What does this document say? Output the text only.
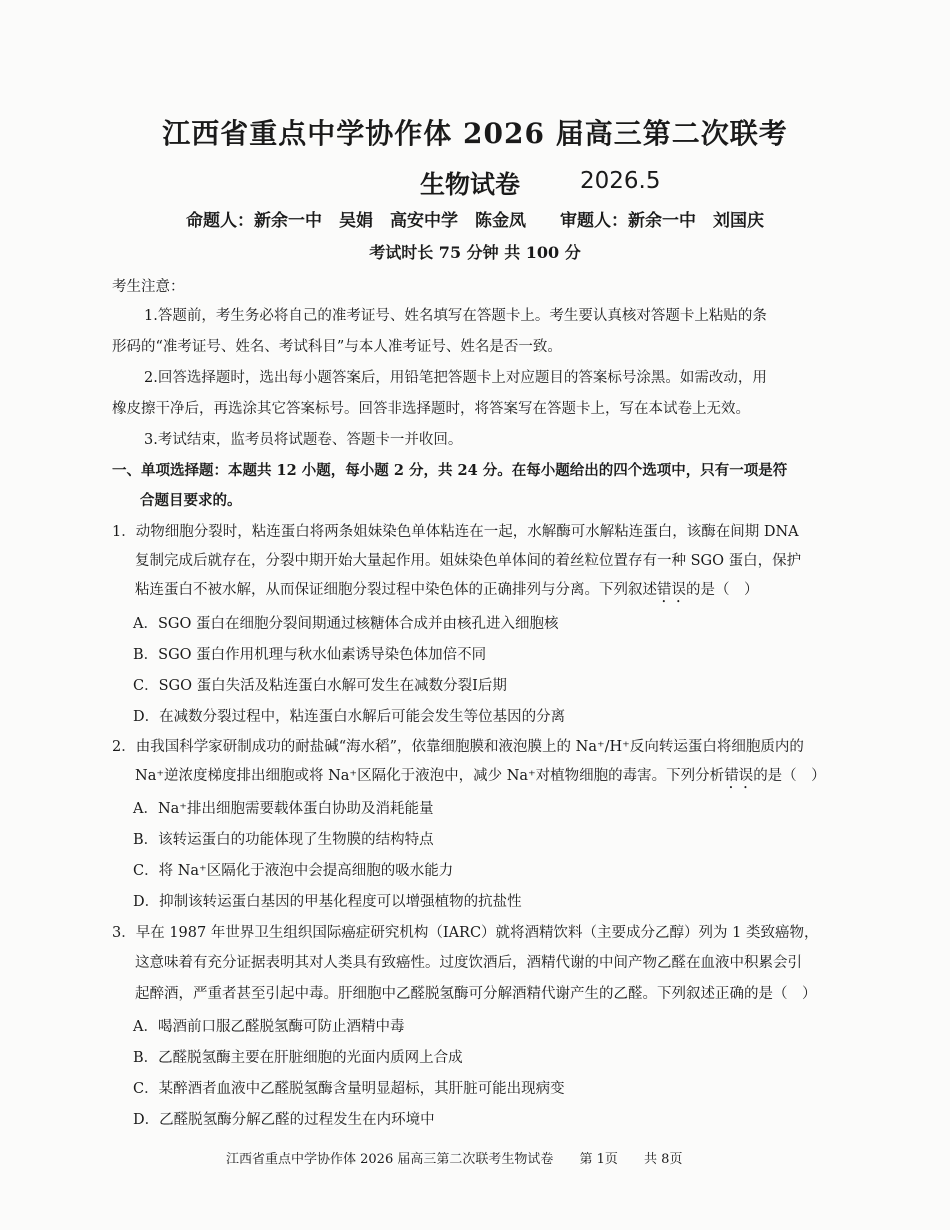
江西省重点中学协作体 2026 届高三第二次联考
生物试卷	2026.5
命题人：新余一中　吴娟　高安中学　陈金凤　　审题人：新余一中　刘国庆
考试时长 75 分钟 共 100 分
考生注意：
1.答题前，考生务必将自己的准考证号、姓名填写在答题卡上。考生要认真核对答题卡上粘贴的条
形码的“准考证号、姓名、考试科目”与本人准考证号、姓名是否一致。
2.回答选择题时，选出每小题答案后，用铅笔把答题卡上对应题目的答案标号涂黑。如需改动，用
橡皮擦干净后，再选涂其它答案标号。回答非选择题时，将答案写在答题卡上，写在本试卷上无效。
3.考试结束，监考员将试题卷、答题卡一并收回。
一、单项选择题：本题共 12 小题，每小题 2 分，共 24 分。在每小题给出的四个选项中，只有一项是符
合题目要求的。
1．动物细胞分裂时，粘连蛋白将两条姐妹染色单体粘连在一起，水解酶可水解粘连蛋白，该酶在间期 DNA
复制完成后就存在，分裂中期开始大量起作用。姐妹染色单体间的着丝粒位置存有一种 SGO 蛋白，保护
粘连蛋白不被水解，从而保证细胞分裂过程中染色体的正确排列与分离。下列叙述错误的是（　）
A．SGO 蛋白在细胞分裂间期通过核糖体合成并由核孔进入细胞核
B．SGO 蛋白作用机理与秋水仙素诱导染色体加倍不同
C．SGO 蛋白失活及粘连蛋白水解可发生在减数分裂Ⅰ后期
D．在减数分裂过程中，粘连蛋白水解后可能会发生等位基因的分离
2．由我国科学家研制成功的耐盐碱“海水稻”，依靠细胞膜和液泡膜上的 Na⁺/H⁺反向转运蛋白将细胞质内的
Na⁺逆浓度梯度排出细胞或将 Na⁺区隔化于液泡中，减少 Na⁺对植物细胞的毒害。下列分析错误的是（　）
A．Na⁺排出细胞需要载体蛋白协助及消耗能量
B．该转运蛋白的功能体现了生物膜的结构特点
C．将 Na⁺区隔化于液泡中会提高细胞的吸水能力
D．抑制该转运蛋白基因的甲基化程度可以增强植物的抗盐性
3．早在 1987 年世界卫生组织国际癌症研究机构（IARC）就将酒精饮料（主要成分乙醇）列为 1 类致癌物，
这意味着有充分证据表明其对人类具有致癌性。过度饮酒后，酒精代谢的中间产物乙醛在血液中积累会引
起醉酒，严重者甚至引起中毒。肝细胞中乙醛脱氢酶可分解酒精代谢产生的乙醛。下列叙述正确的是（　）
A．喝酒前口服乙醛脱氢酶可防止酒精中毒
B．乙醛脱氢酶主要在肝脏细胞的光面内质网上合成
C．某醉酒者血液中乙醛脱氢酶含量明显超标，其肝脏可能出现病变
D．乙醛脱氢酶分解乙醛的过程发生在内环境中
江西省重点中学协作体 2026 届高三第二次联考生物试卷 第 1页 共 8页
